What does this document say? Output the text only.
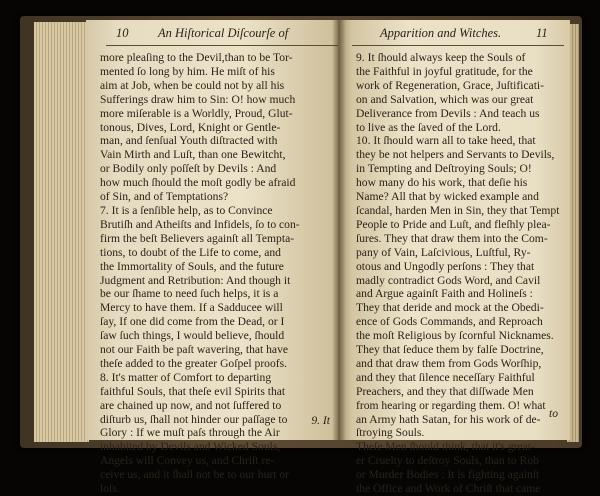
10 An Hiſtorical Diſcourſe of
more pleaſing to the Devil,than to be Tor-
mented ſo long by him. He miſt of his
aim at Job, when be could not by all his
Sufferings draw him to Sin: O! how much
more miſerable is a Worldly, Proud, Glut-
tonous, Dives, Lord, Knight or Gentle-
man, and ſenſual Youth diſtracted with
Vain Mirth and Luſt, than one Bewitcht,
or Bodily only poſſeſt by Devils : And
how much ſhould the moſt godly be afraid
of Sin, and of Temptations?
7. It is a ſenſible help, as to Convince
Brutiſh and Atheiſts and Infidels, ſo to con-
firm the beſt Believers againſt all Tempta-
tions, to doubt of the Life to come, and
the Immortality of Souls, and the future
Judgment and Retribution: And though it
be our ſhame to need ſuch helps, it is a
Mercy to have them. If a Sadducee will
ſay, If one did come from the Dead, or I
ſaw ſuch things, I would believe, ſhould
not our Faith be paſt wavering, that have
theſe added to the greater Goſpel proofs.
8. It's matter of Comfort to departing
faithful Souls, that theſe evil Spirits that
are chained up now, and not ſuffered to
diſturb us, ſhall not hinder our paſſage to
Glory : If we muſt paſs through the Air
inhabited by Devils and Wicked Souls,
Angels will Convey us, and Chriſt re-
ceive us, and it ſhall not be to our hurt or
loſs.
9. It
Apparition and Witches.	11
9. It ſhould always keep the Souls of
the Faithful in joyful gratitude, for the
work of Regeneration, Grace, Juſtificati-
on and Salvation, which was our great
Deliverance from Devils : And teach us
to live as the ſaved of the Lord.
10. It ſhould warn all to take heed, that
they be not helpers and Servants to Devils,
in Tempting and Deſtroying Souls; O!
how many do his work, that deſie his
Name? All that by wicked example and
ſcandal, harden Men in Sin, they that Tempt
People to Pride and Luſt, and fleſhly plea-
ſures. They that draw them into the Com-
pany of Vain, Laſcivious, Luſtful, Ry-
otous and Ungodly perſons : They that
madly contradict Gods Word, and Cavil
and Argue againſt Faith and Holineſs :
They that deride and mock at the Obedi-
ence of Gods Commands, and Reproach
the moſt Religious by ſcornful Nicknames.
They that ſeduce them by falſe Doctrine,
and that draw them from Gods Worſhip,
and they that ſilence neceſſary Faithful
Preachers, and they that diſſwade Men
from hearing or regarding them. O! what
an Army hath Satan, for his work of de-
ſtroying Souls.
Theſe Men ſhould think, that it's great-
er Cruelty to deſtroy Souls, than to Rob
or Murder Bodies : It is fighting againſt
the Office and Work of Chriſt that came
to
